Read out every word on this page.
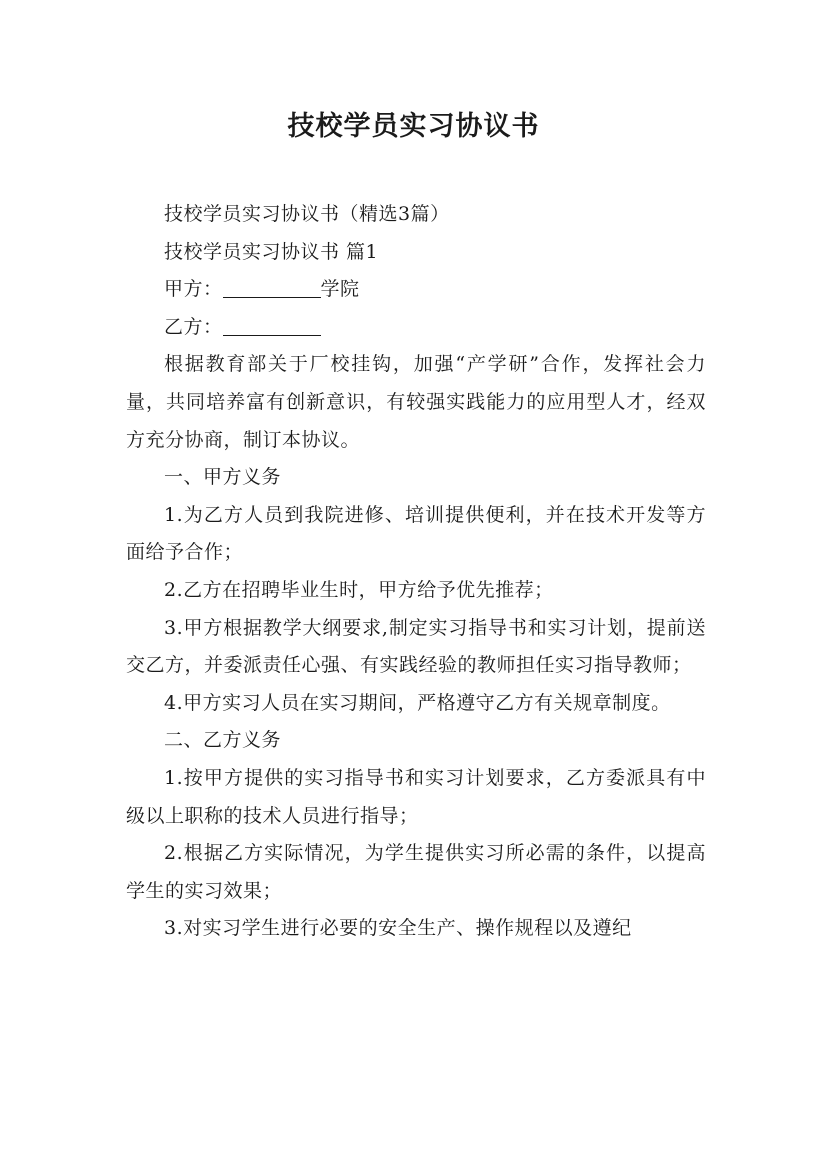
技校学员实习协议书

技校学员实习协议书（精选3篇）

技校学员实习协议书 篇1

甲方：	学院

乙方：

根据教育部关于厂校挂钩，加强“产学研”合作，发挥社会力量，共同培养富有创新意识，有较强实践能力的应用型人才，经双方充分协商，制订本协议。

一、甲方义务

1.为乙方人员到我院进修、培训提供便利，并在技术开发等方面给予合作；

2.乙方在招聘毕业生时，甲方给予优先推荐；

3.甲方根据教学大纲要求,制定实习指导书和实习计划，提前送交乙方，并委派责任心强、有实践经验的教师担任实习指导教师；

4.甲方实习人员在实习期间，严格遵守乙方有关规章制度。

二、乙方义务

1.按甲方提供的实习指导书和实习计划要求，乙方委派具有中级以上职称的技术人员进行指导；

2.根据乙方实际情况，为学生提供实习所必需的条件，以提高学生的实习效果；

3.对实习学生进行必要的安全生产、操作规程以及遵纪
